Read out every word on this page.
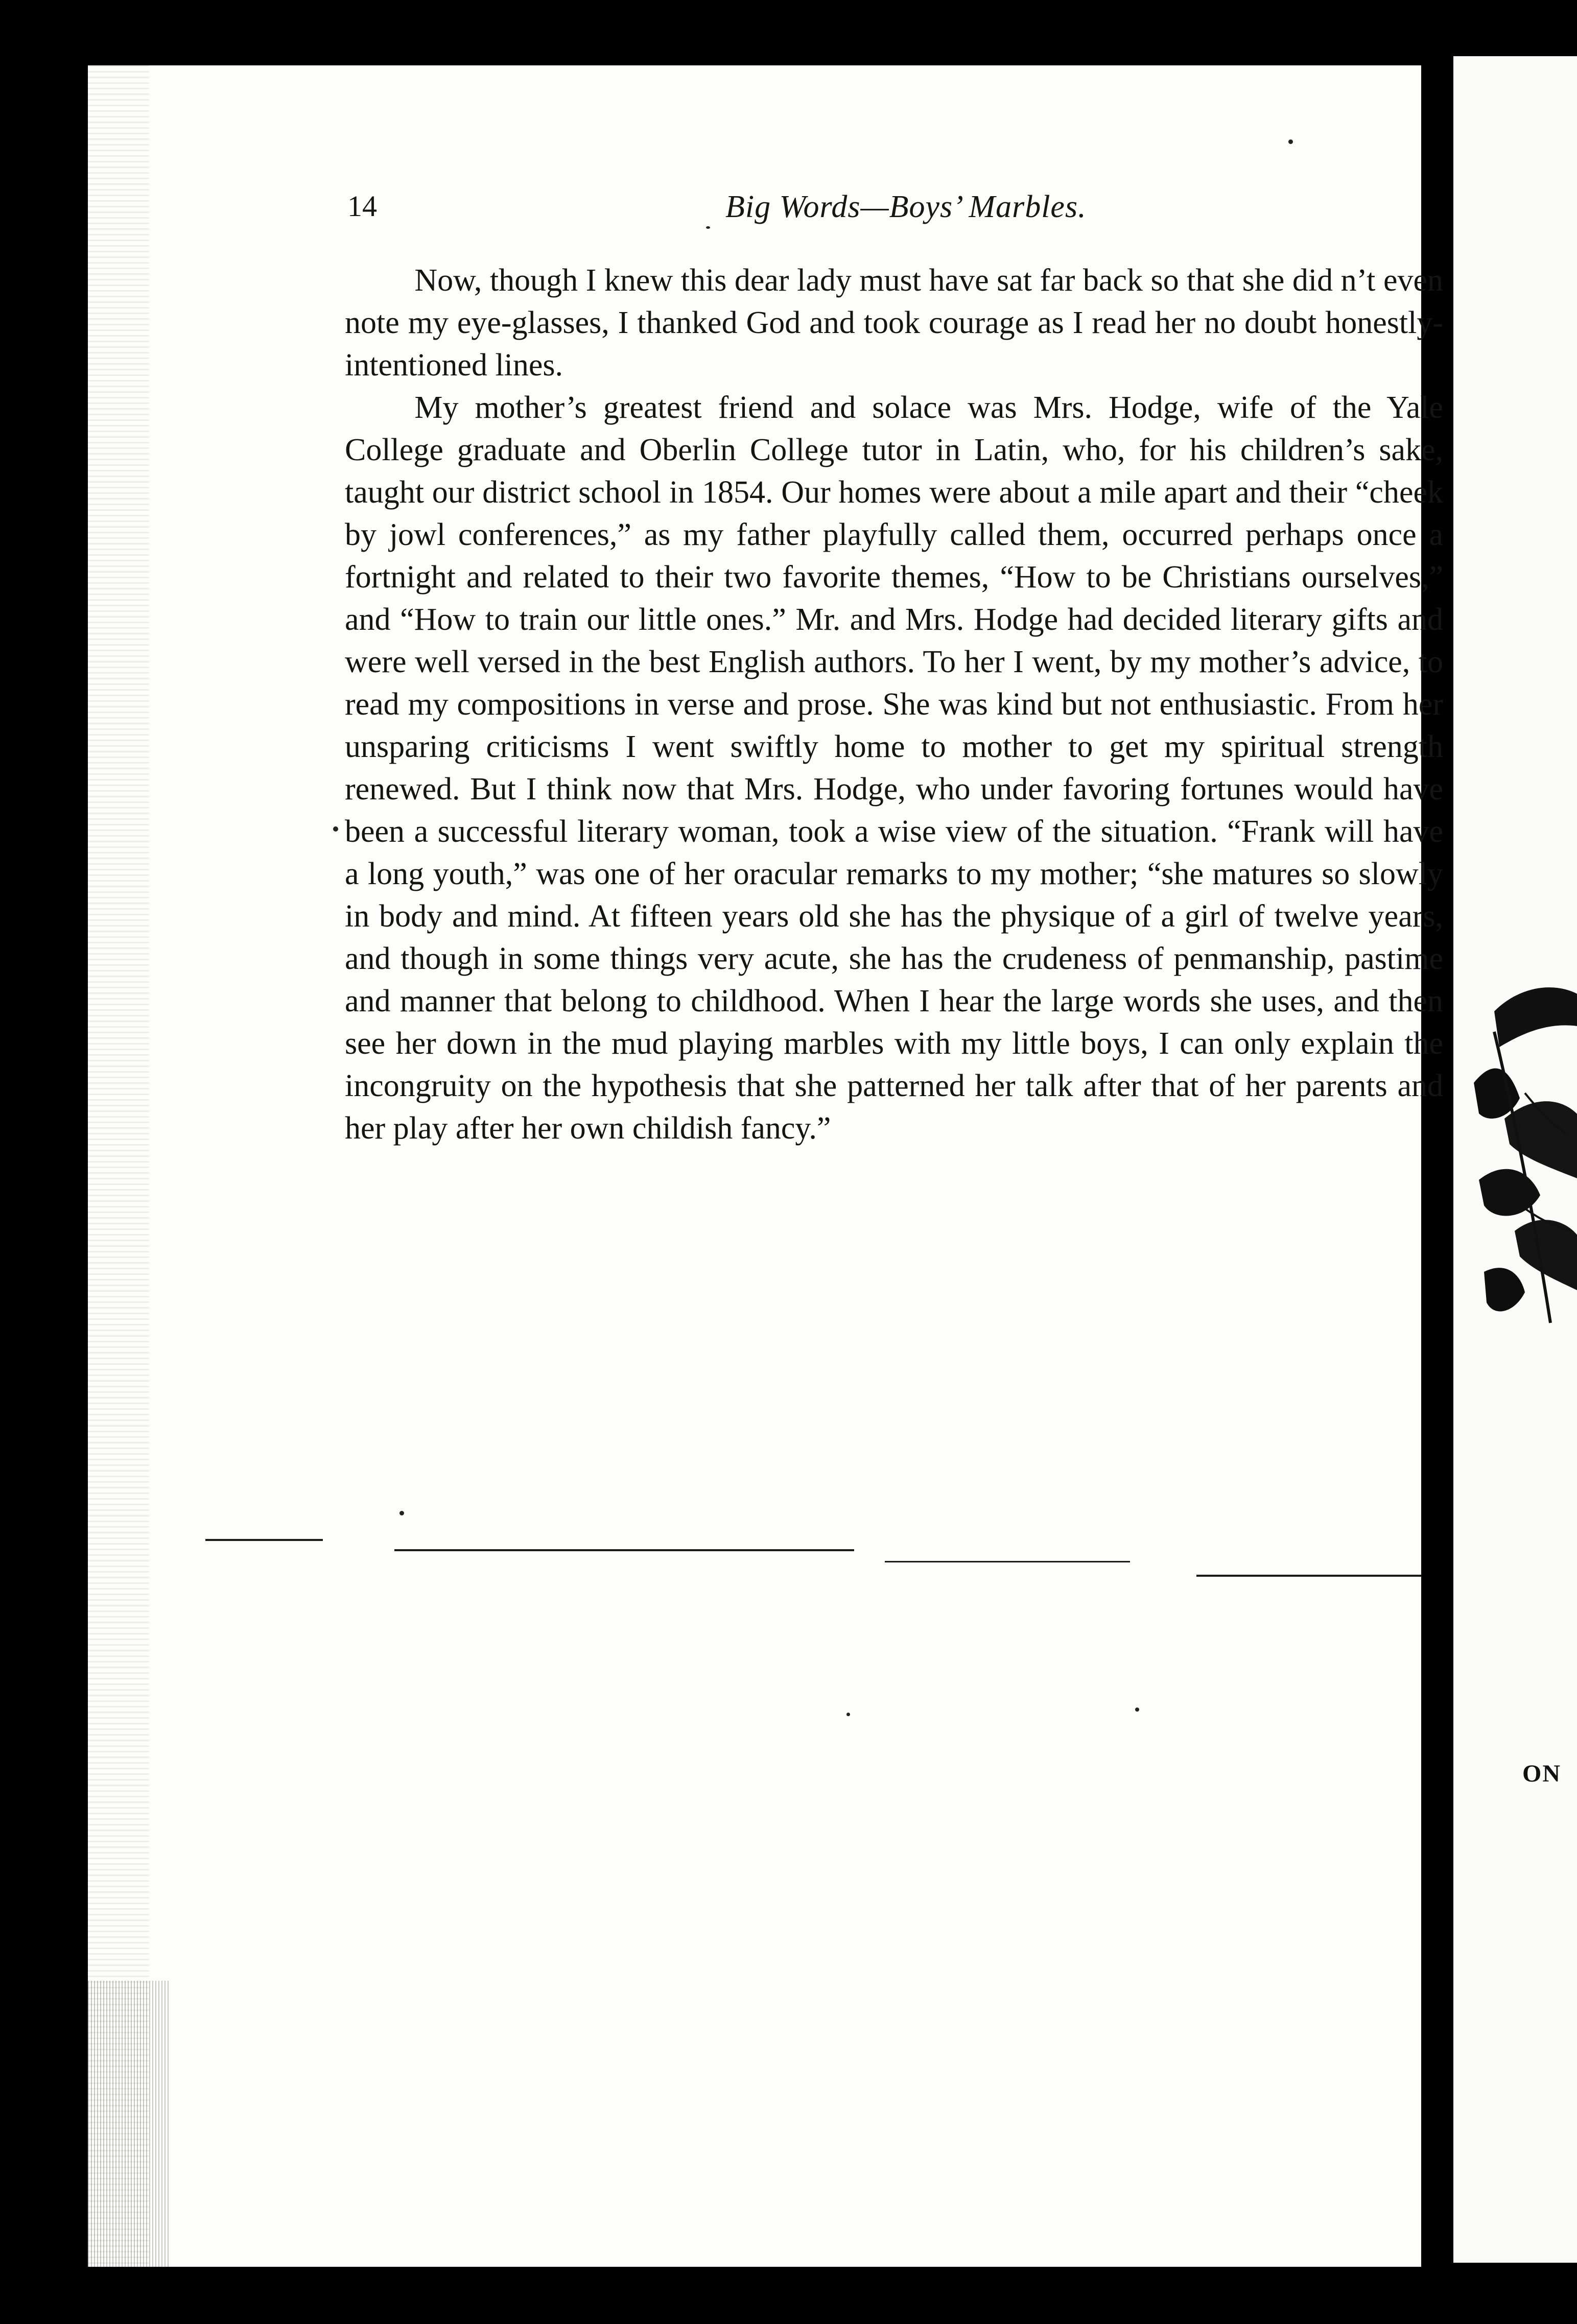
14	Big Words—Boys’ Marbles.

Now, though I knew this dear lady must have sat far back so that she did n’t even note my eye-glasses, I thanked God and took courage as I read her no doubt honestly-intentioned lines.

My mother’s greatest friend and solace was Mrs. Hodge, wife of the Yale College graduate and Oberlin College tutor in Latin, who, for his children’s sake, taught our district school in 1854. Our homes were about a mile apart and their “cheek by jowl conferences,” as my father playfully called them, occurred perhaps once a fortnight and related to their two favorite themes, “How to be Christians ourselves,” and “How to train our little ones.” Mr. and Mrs. Hodge had decided literary gifts and were well versed in the best English authors. To her I went, by my mother’s advice, to read my compositions in verse and prose. She was kind but not enthusiastic. From her unsparing criticisms I went swiftly home to mother to get my spiritual strength renewed. But I think now that Mrs. Hodge, who under favoring fortunes would have been a successful literary woman, took a wise view of the situation. “Frank will have a long youth,” was one of her oracular remarks to my mother; “she matures so slowly in body and mind. At fifteen years old she has the physique of a girl of twelve years, and though in some things very acute, she has the crudeness of penmanship, pastime and manner that belong to childhood. When I hear the large words she uses, and then see her down in the mud playing marbles with my little boys, I can only explain the incongruity on the hypothesis that she patterned her talk after that of her parents and her play after her own childish fancy.”

ON
